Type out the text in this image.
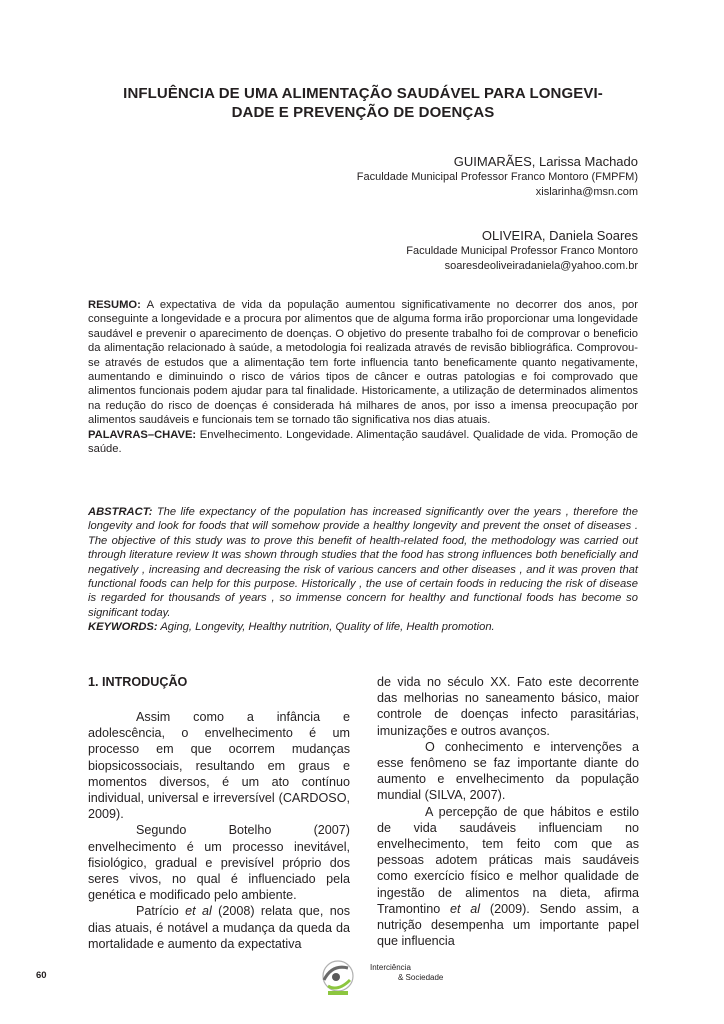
INFLUÊNCIA DE UMA ALIMENTAÇÃO SAUDÁVEL PARA LONGEVI-
DADE E PREVENÇÃO DE DOENÇAS
GUIMARÃES, Larissa Machado
Faculdade Municipal Professor Franco Montoro (FMPFM)
xislarinha@msn.com
OLIVEIRA, Daniela Soares
Faculdade Municipal Professor Franco Montoro
soaresdeoliveiradaniela@yahoo.com.br

RESUMO: A expectativa de vida da população aumentou significativamente no decorrer dos anos, por conseguinte a longevidade e a procura por alimentos que de alguma forma irão proporcionar uma longevidade saudável e prevenir o aparecimento de doenças. O objetivo do presente trabalho foi de comprovar o beneficio da alimentação relacionado à saúde, a metodologia foi realizada através de revisão bibliográfica. Comprovou-se através de estudos que a alimentação tem forte influencia tanto beneficamente quanto negativamente, aumentando e diminuindo o risco de vários tipos de câncer e outras patologias e foi comprovado que alimentos funcionais podem ajudar para tal finalidade. Historicamente, a utilização de determinados alimentos na redução do risco de doenças é considerada há milhares de anos, por isso a imensa preocupação por alimentos saudáveis e funcionais tem se tornado tão significativa nos dias atuais.

PALAVRAS–CHAVE: Envelhecimento. Longevidade. Alimentação saudável. Qualidade de vida. Promoção de saúde.

ABSTRACT: The life expectancy of the population has increased significantly over the years , therefore the longevity and look for foods that will somehow provide a healthy longevity and prevent the onset of diseases . The objective of this study was to prove this benefit of health-related food, the methodology was carried out through literature review It was shown through studies that the food has strong influences both beneficially and negatively , increasing and decreasing the risk of various cancers and other diseases , and it was proven that functional foods can help for this purpose. Historically , the use of certain foods in reducing the risk of disease is regarded for thousands of years , so immense concern for healthy and functional foods has become so significant today.

KEYWORDS: Aging, Longevity, Healthy nutrition, Quality of life, Health promotion.

1. INTRODUÇÃO

Assim como a infância e adolescência, o envelhecimento é um processo em que ocorrem mudanças biopsicossociais, resultando em graus e momentos diversos, é um ato contínuo individual, universal e irreversível (CARDOSO, 2009).

Segundo Botelho (2007) envelhecimento é um processo inevitável, fisiológico, gradual e previsível próprio dos seres vivos, no qual é influenciado pela genética e modificado pelo ambiente.

Patrício et al (2008) relata que, nos dias atuais, é notável a mudança da queda da mortalidade e aumento da expectativa

de vida no século XX. Fato este decorrente das melhorias no saneamento básico, maior controle de doenças infecto parasitárias, imunizações e outros avanços.

O conhecimento e intervenções a esse fenômeno se faz importante diante do aumento e envelhecimento da população mundial (SILVA, 2007).

A percepção de que hábitos e estilo de vida saudáveis influenciam no envelhecimento, tem feito com que as pessoas adotem práticas mais saudáveis como exercício físico e melhor qualidade de ingestão de alimentos na dieta, afirma Tramontino et al (2009). Sendo assim, a nutrição desempenha um importante papel que influencia

60
Interciência
& Sociedade
